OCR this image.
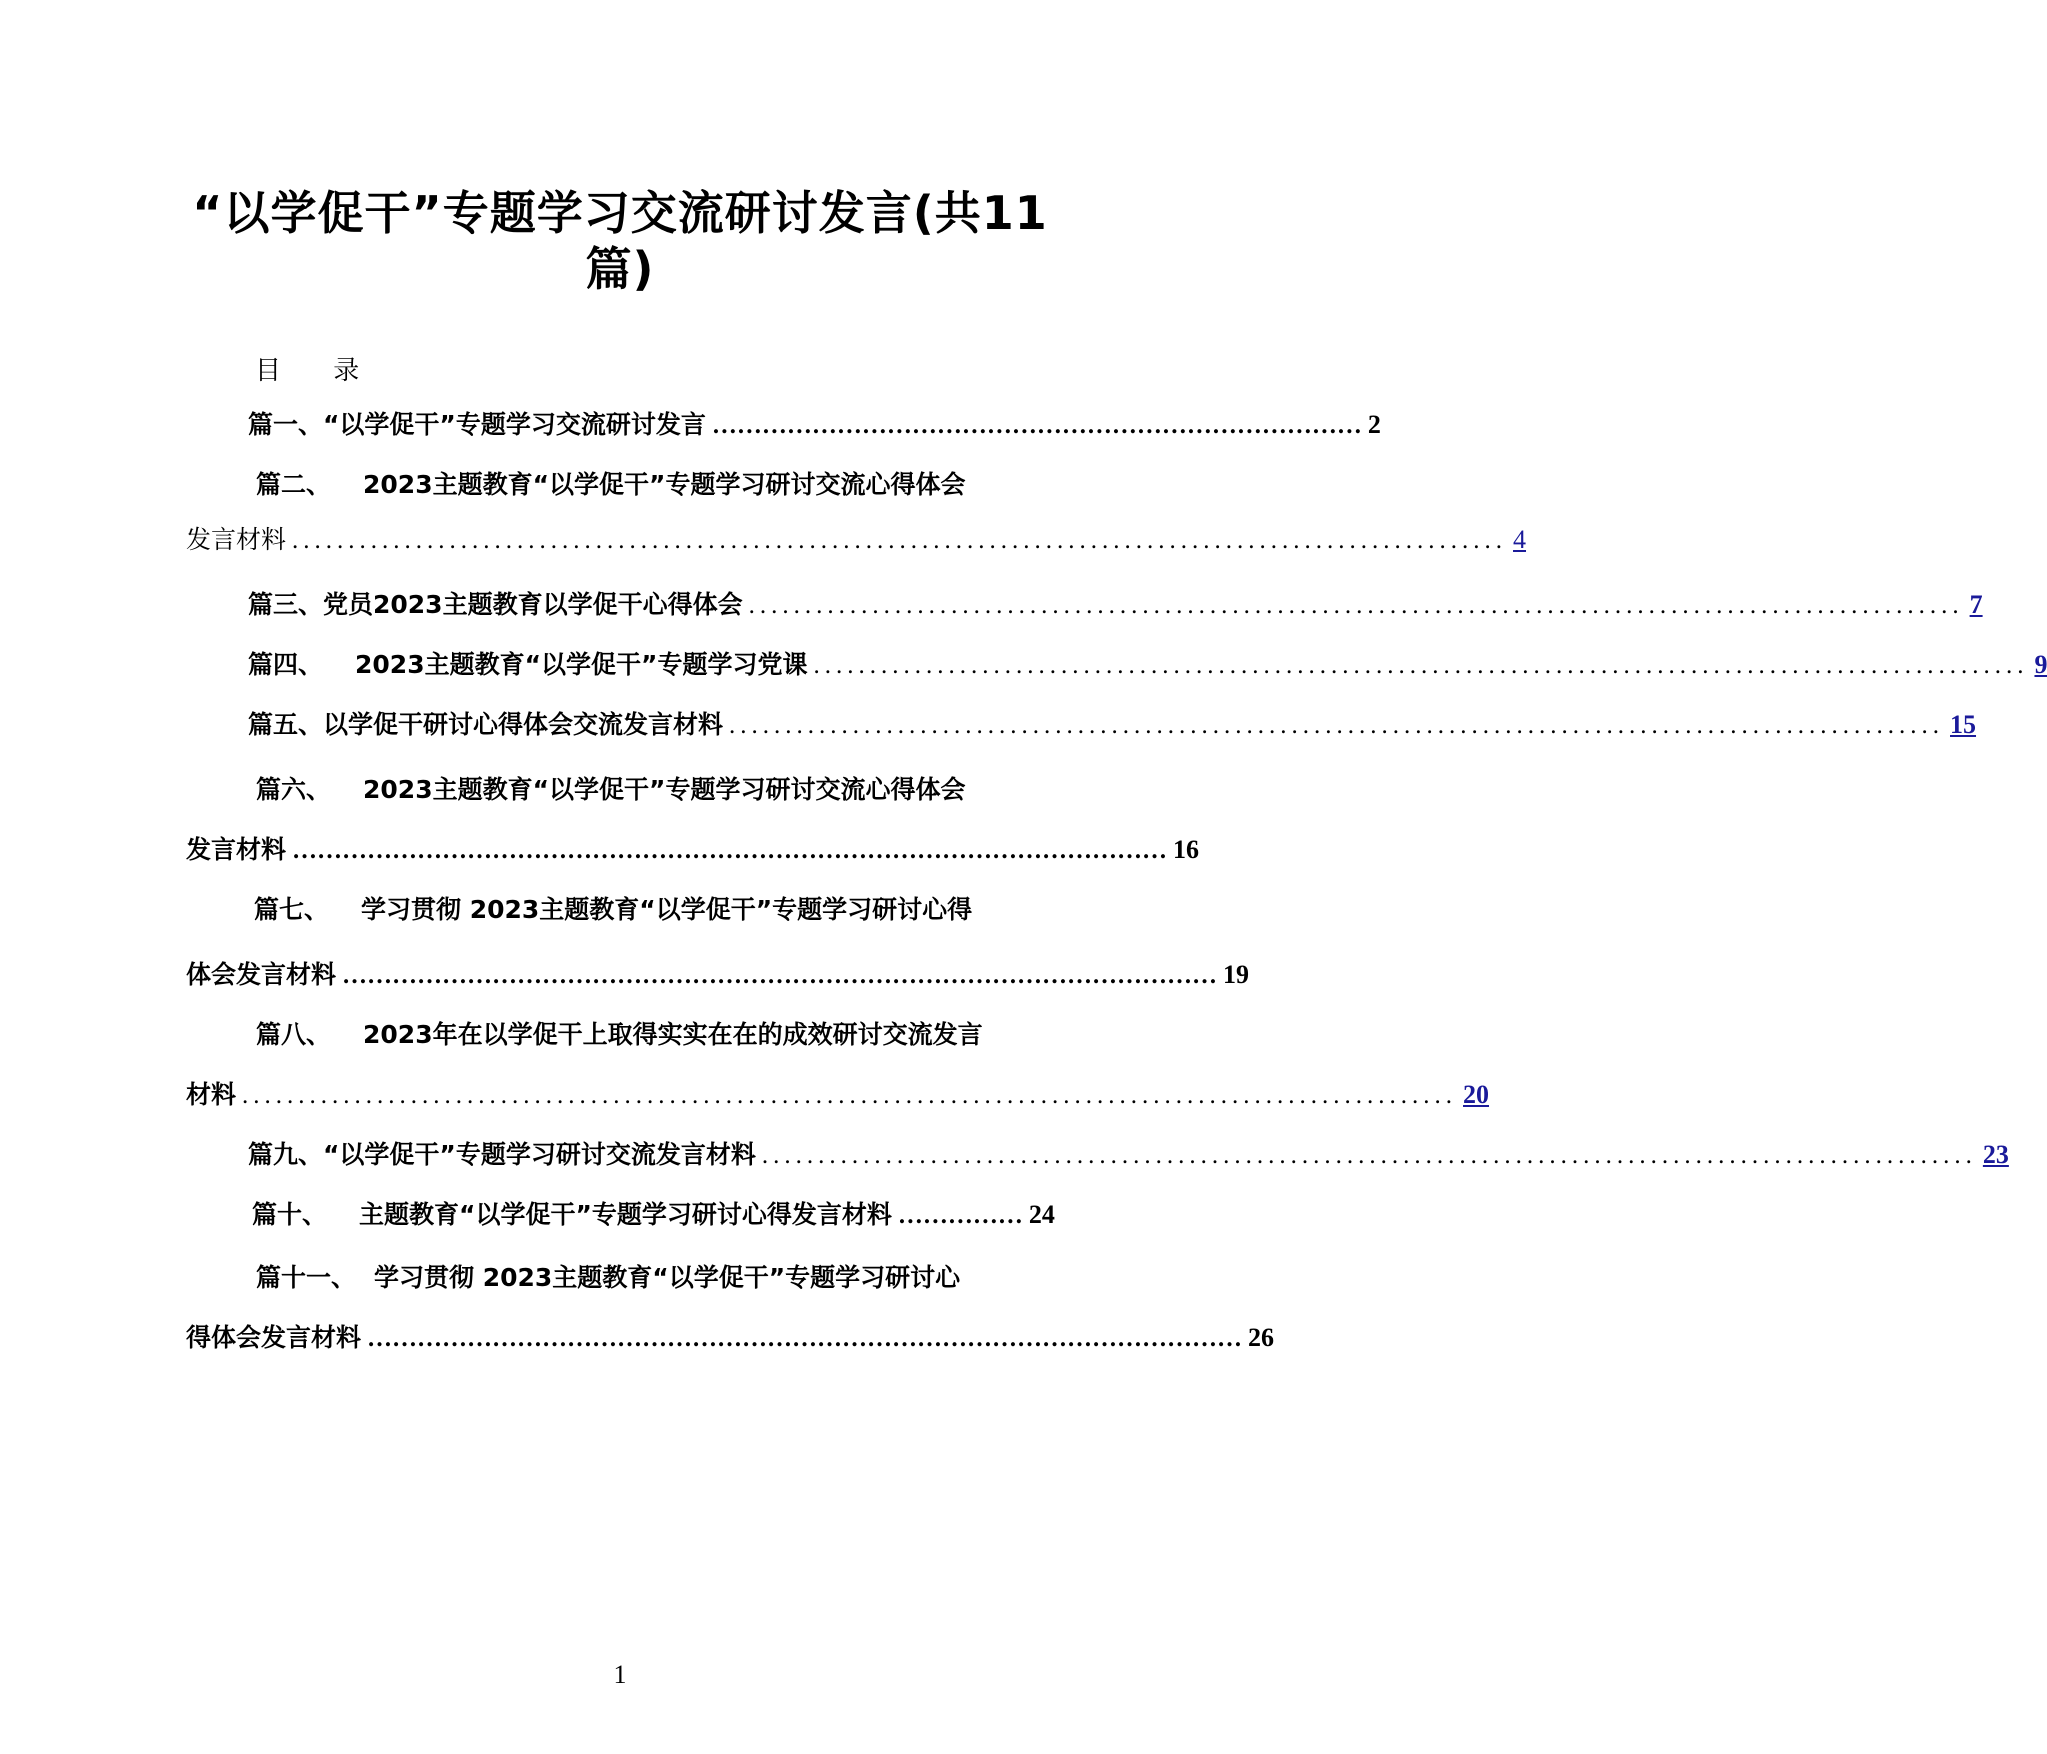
“以学促干”专题学习交流研讨发言(共11
篇)
目 录
篇一、“以学促干”专题学习交流研讨发言 …………………………………………………………………… 2
篇二、 2023主题教育“以学促干”专题学习研讨交流心得体会
发言材料 ............................................................................................................ 4
篇三、党员2023主题教育以学促干心得体会 ............................................................................................................ 7
篇四、 2023主题教育“以学促干”专题学习党课 ............................................................................................................ 9
篇五、以学促干研讨心得体会交流发言材料 ............................................................................................................ 15
篇六、 2023主题教育“以学促干”专题学习研讨交流心得体会
发言材料 …………………………………………………………………………………………… 16
篇七、 学习贯彻 2023主题教育“以学促干”专题学习研讨心得
体会发言材料 …………………………………………………………………………………………… 19
篇八、 2023年在以学促干上取得实实在在的成效研讨交流发言
材料 ............................................................................................................ 20
篇九、“以学促干”专题学习研讨交流发言材料 ............................................................................................................ 23
篇十、 主题教育“以学促干”专题学习研讨心得发言材料 …………… 24
篇十一、 学习贯彻 2023主题教育“以学促干”专题学习研讨心
得体会发言材料 …………………………………………………………………………………………… 26
1
